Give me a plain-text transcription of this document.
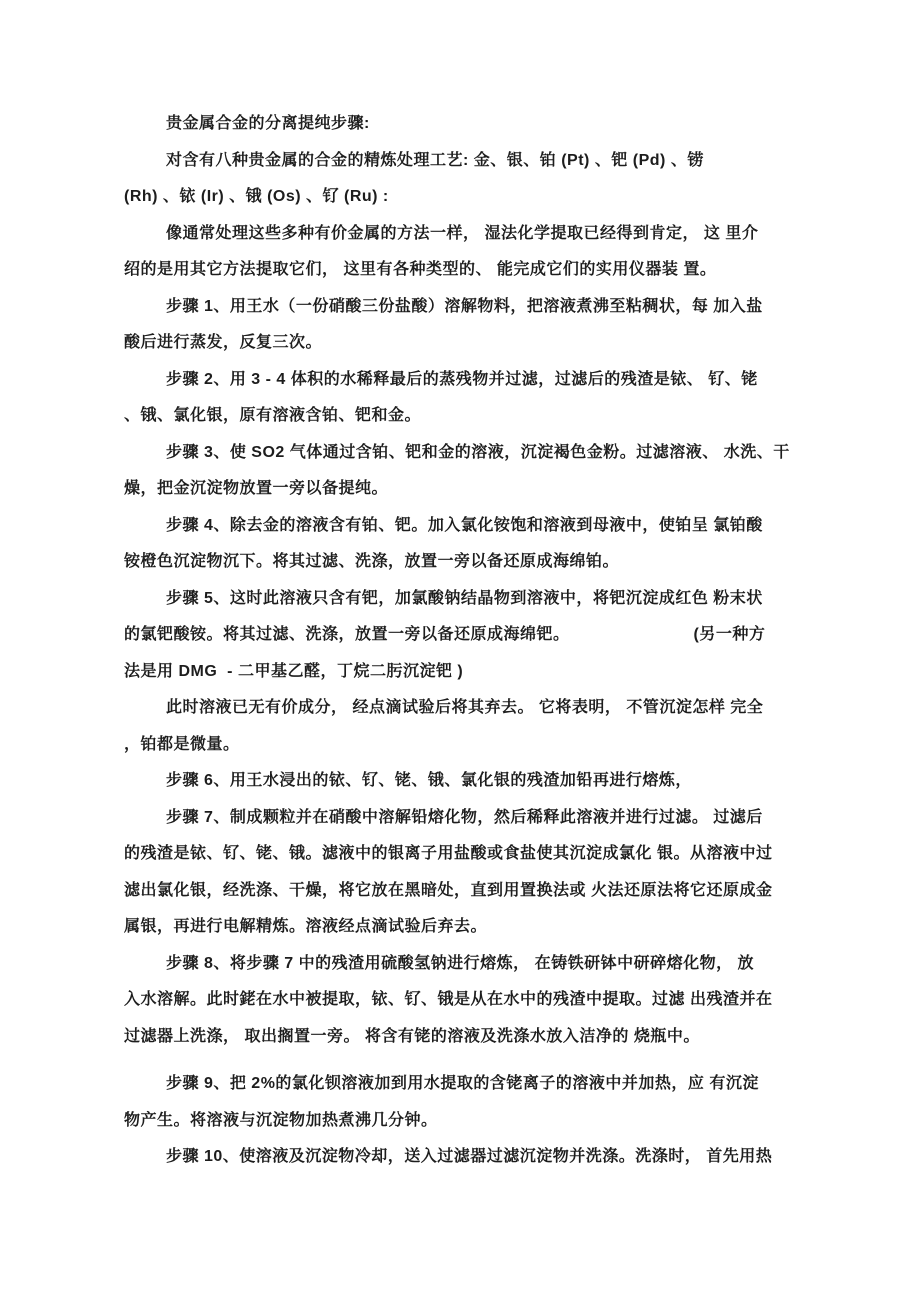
贵金属合金的分离提纯步骤:
对含有八种贵金属的合金的精炼处理工艺: 金、银、铂 (Pt) 、钯 (Pd) 、铹
(Rh) 、铱 (Ir) 、锇 (Os) 、钌 (Ru) :
像通常处理这些多种有价金属的方法一样， 湿法化学提取已经得到肯定， 这 里介
绍的是用其它方法提取它们， 这里有各种类型的、 能完成它们的实用仪器装 置。
步骤 1、用王水（一份硝酸三份盐酸）溶解物料，把溶液煮沸至粘稠状，每 加入盐
酸后进行蒸发，反复三次。
步骤 2、用 3 - 4 体积的水稀释最后的蒸残物并过滤，过滤后的残渣是铱、 钌、铑
、锇、氯化银，原有溶液含铂、钯和金。
步骤 3、使 SO2 气体通过含铂、钯和金的溶液，沉淀褐色金粉。过滤溶液、 水洗、干
燥，把金沉淀物放置一旁以备提纯。
步骤 4、除去金的溶液含有铂、钯。加入氯化铵饱和溶液到母液中，使铂呈 氯铂酸
铵橙色沉淀物沉下。将其过滤、洗涤，放置一旁以备还原成海绵铂。
步骤 5、这时此溶液只含有钯，加氯酸钠结晶物到溶液中，将钯沉淀成红色 粉末状
的氯钯酸铵。将其过滤、洗涤，放置一旁以备还原成海绵钯。　　　　　　　　(另一种方
法是用 DMG  - 二甲基乙醛，丁烷二肟沉淀钯 )
此时溶液已无有价成分， 经点滴试验后将其弃去。 它将表明， 不管沉淀怎样 完全
，铂都是微量。
步骤 6、用王水浸出的铱、钌、铑、锇、氯化银的残渣加铅再进行熔炼，
步骤 7、制成颗粒并在硝酸中溶解铅熔化物，然后稀释此溶液并进行过滤。 过滤后
的残渣是铱、钌、铑、锇。滤液中的银离子用盐酸或食盐使其沉淀成氯化 银。从溶液中过
滤出氯化银，经洗涤、干燥，将它放在黑暗处，直到用置换法或 火法还原法将它还原成金
属银，再进行电解精炼。溶液经点滴试验后弃去。
步骤 8、将步骤 7 中的残渣用硫酸氢钠进行熔炼， 在铸铁研钵中研碎熔化物， 放
入水溶解。此时銠在水中被提取，铱、钌、锇是从在水中的残渣中提取。过滤 出残渣并在
过滤器上洗涤， 取出搁置一旁。 将含有铑的溶液及洗涤水放入洁净的 烧瓶中。
步骤 9、把 2%的氯化钡溶液加到用水提取的含铑离子的溶液中并加热，应 有沉淀
物产生。将溶液与沉淀物加热煮沸几分钟。
步骤 10、使溶液及沉淀物冷却，送入过滤器过滤沉淀物并洗涤。洗涤时， 首先用热
